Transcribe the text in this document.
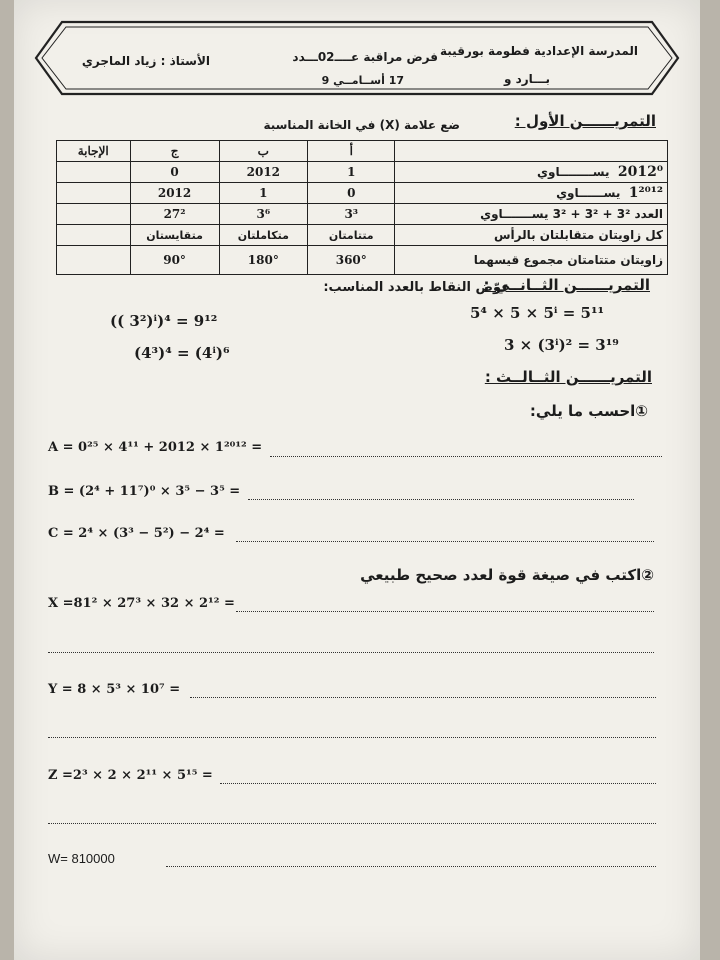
المدرسة الإعدادية فطومة بورقيبة
بـــارد و
فرض مراقبة عــــ02ـــدد
17 أســامــي 9
الأستاذ : زياد الماجري
التمريــــــن الأول :
ضع علامة (X) في الخانة المناسبة
الإجابة	ج	ب	أ	
	0	2012	1	2012⁰  يســــــــاوي
	2012	1	0	1²⁰¹²  يســــــاوي
	27²	3⁶	3³	العدد 3² + 3² + 3² يســـــــاوي
	متقايستان	متكاملتان	متتامتان	كل زاويتان متقابلتان بالرأس
	90°	180°	360°	زاويتان متتامتان مجموع قيسهما
التمريــــــن الثــانــي :
عوّض النقاط بالعدد المناسب:
5⁴ × 5 × 5ⁱ = 5¹¹
(( 3²)ⁱ)⁴ = 9¹²
3 × (3ⁱ)² = 3¹⁹
(4³)⁴ = (4ⁱ)⁶
التمريــــــن الثــالــث :
①احسب ما يلي:
A = 0²⁵ × 4¹¹ + 2012 × 1²⁰¹² =
B = (2⁴ + 11⁷)⁰ × 3⁵ − 3⁵ =
C = 2⁴ × (3³ − 5²) − 2⁴ =
②اكتب في صيغة قوة لعدد صحيح طبيعي
X =81² × 27³ × 32 × 2¹² =
Y = 8 × 5³ × 10⁷ =
Z =2³ × 2 × 2¹¹ × 5¹⁵ =
W= 810000
